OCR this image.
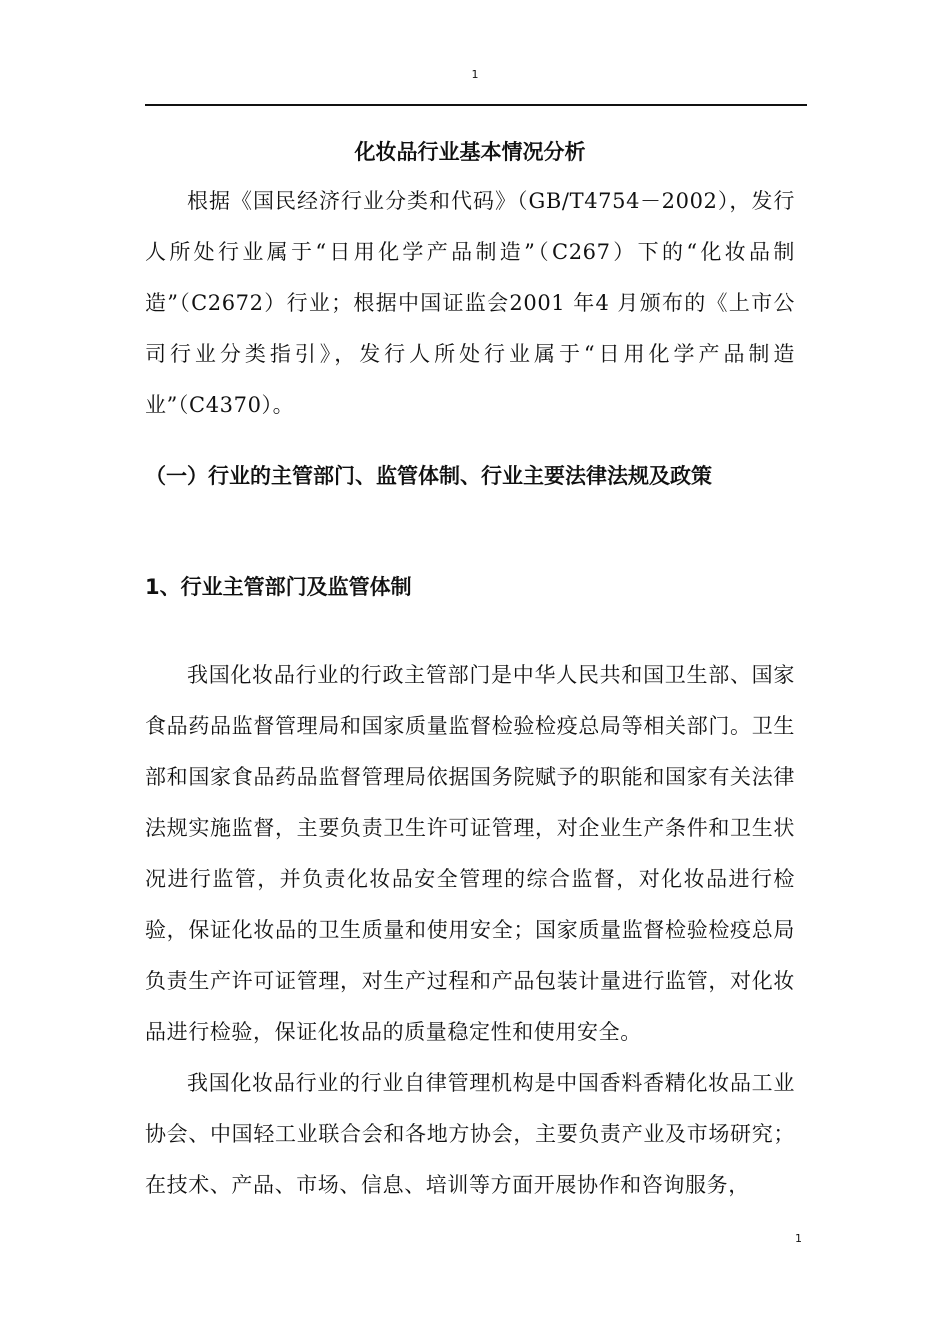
1
化妆品行业基本情况分析

根据《国民经济行业分类和代码》（GB/T4754－2002），发行人所处行业属于“日用化学产品制造”（C267）下的“化妆品制造”（C2672）行业；根据中国证监会2001 年4 月颁布的《上市公司行业分类指引》，发行人所处行业属于“日用化学产品制造业”（C4370）。

（一）行业的主管部门、监管体制、行业主要法律法规及政策
1、行业主管部门及监管体制

我国化妆品行业的行政主管部门是中华人民共和国卫生部、国家食品药品监督管理局和国家质量监督检验检疫总局等相关部门。卫生部和国家食品药品监督管理局依据国务院赋予的职能和国家有关法律法规实施监督，主要负责卫生许可证管理，对企业生产条件和卫生状况进行监管，并负责化妆品安全管理的综合监督，对化妆品进行检验，保证化妆品的卫生质量和使用安全；国家质量监督检验检疫总局负责生产许可证管理，对生产过程和产品包装计量进行监管，对化妆品进行检验，保证化妆品的质量稳定性和使用安全。

我国化妆品行业的行业自律管理机构是中国香料香精化妆品工业协会、中国轻工业联合会和各地方协会，主要负责产业及市场研究；在技术、产品、市场、信息、培训等方面开展协作和咨询服务，

1
